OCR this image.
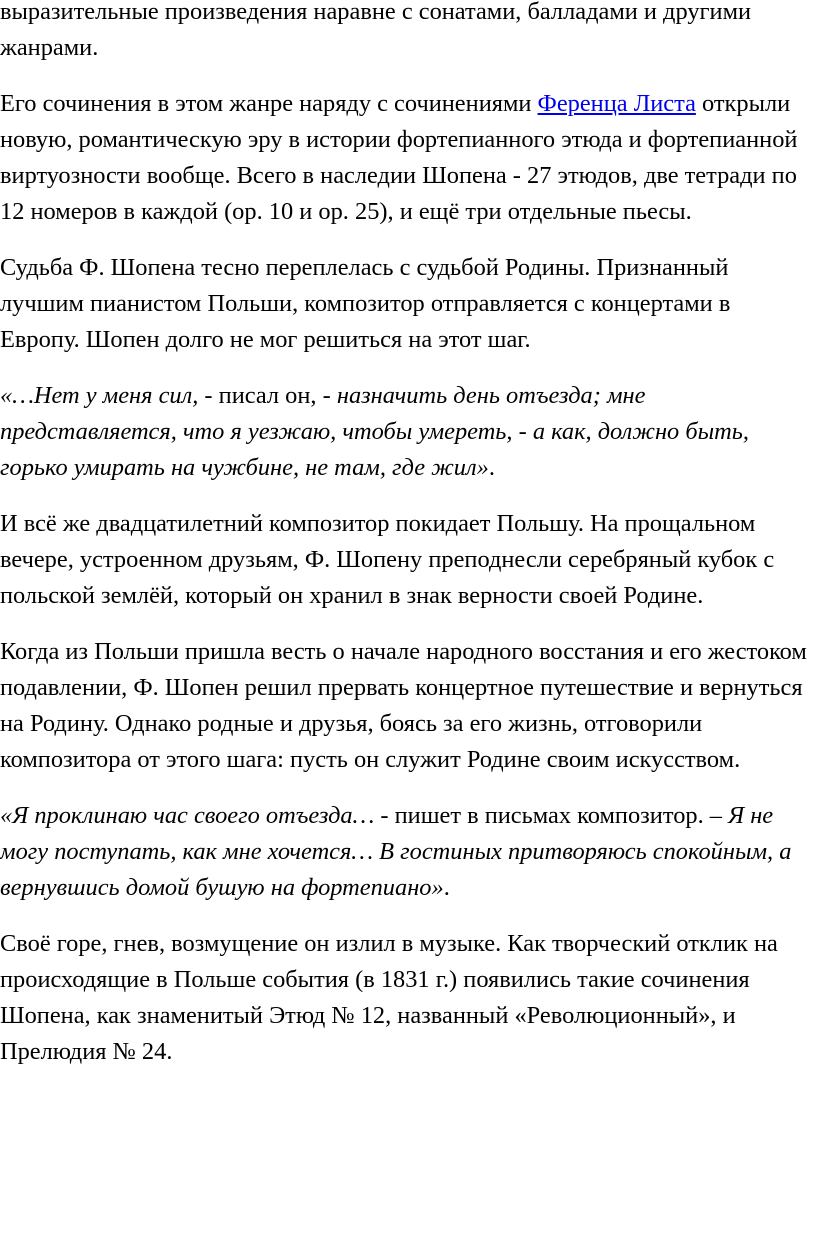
выразительные произведения наравне с сонатами, балладами и другими жанрами.

Его сочинения в этом жанре наряду с сочинениями Ференца Листа открыли новую, романтическую эру в истории фортепианного этюда и фортепианной виртуозности вообще. Всего в наследии Шопена - 27 этюдов, две тетради по 12 номеров в каждой (ор. 10 и ор. 25), и ещё три отдельные пьесы.

Судьба Ф. Шопена тесно переплелась с судьбой Родины. Признанный лучшим пианистом Польши, композитор отправляется с концертами в Европу. Шопен долго не мог решиться на этот шаг.

«…Нет у меня сил, - писал он, - назначить день отъезда; мне представляется, что я уезжаю, чтобы умереть, - а как, должно быть, горько умирать на чужбине, не там, где жил».

И всё же двадцатилетний композитор покидает Польшу. На прощальном вечере, устроенном друзьям, Ф. Шопену преподнесли серебряный кубок с польской землёй, который он хранил в знак верности своей Родине.

Когда из Польши пришла весть о начале народного восстания и его жестоком подавлении, Ф. Шопен решил прервать концертное путешествие и вернуться на Родину. Однако родные и друзья, боясь за его жизнь, отговорили композитора от этого шага: пусть он служит Родине своим искусством.

«Я проклинаю час своего отъезда… - пишет в письмах композитор. – Я не могу поступать, как мне хочется… В гостиных притворяюсь спокойным, а вернувшись домой бушую на фортепиано».

Своё горе, гнев, возмущение он излил в музыке. Как творческий отклик на происходящие в Польше события (в 1831 г.) появились такие сочинения Шопена, как знаменитый Этюд № 12, названный «Революционный», и Прелюдия № 24.
